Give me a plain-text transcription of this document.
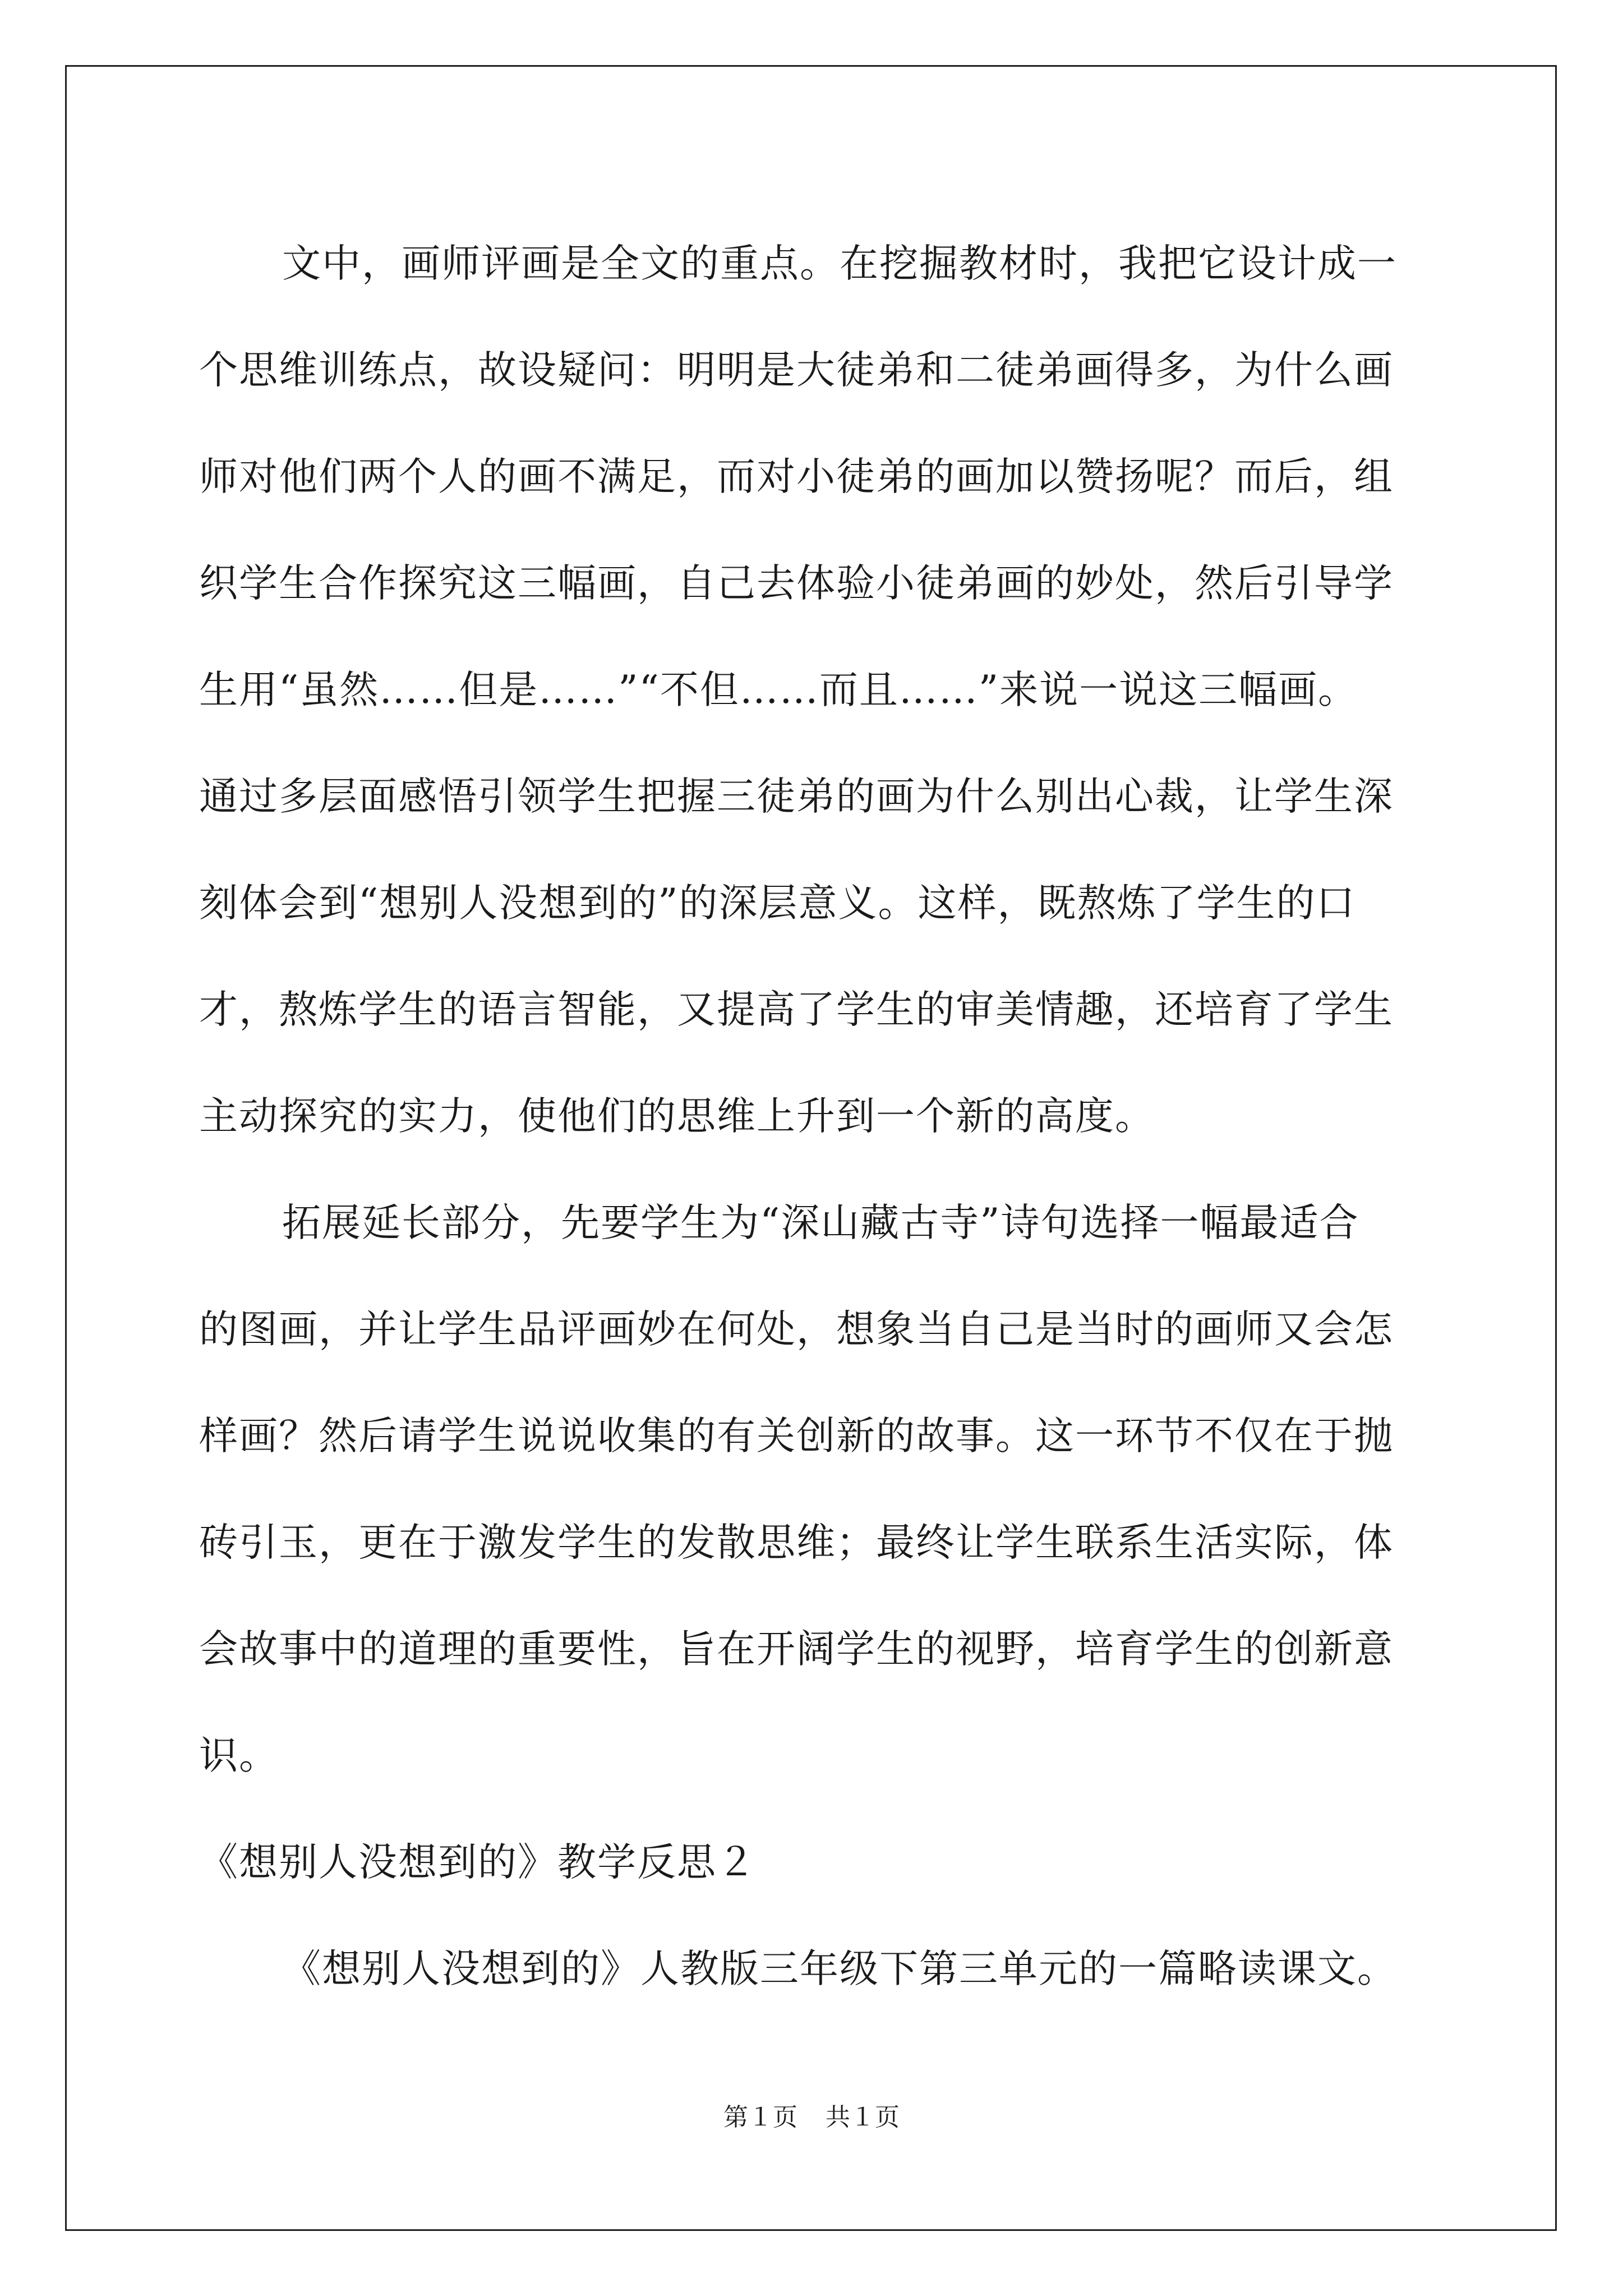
文中，画师评画是全文的重点。在挖掘教材时，我把它设计成一
个思维训练点，故设疑问：明明是大徒弟和二徒弟画得多，为什么画
师对他们两个人的画不满足，而对小徒弟的画加以赞扬呢？而后，组
织学生合作探究这三幅画，自己去体验小徒弟画的妙处，然后引导学
生用“虽然……但是……”“不但……而且……”来说一说这三幅画。
通过多层面感悟引领学生把握三徒弟的画为什么别出心裁，让学生深
刻体会到“想别人没想到的”的深层意义。这样，既熬炼了学生的口
才，熬炼学生的语言智能，又提高了学生的审美情趣，还培育了学生
主动探究的实力，使他们的思维上升到一个新的高度。
拓展延长部分，先要学生为“深山藏古寺”诗句选择一幅最适合
的图画，并让学生品评画妙在何处，想象当自己是当时的画师又会怎
样画？然后请学生说说收集的有关创新的故事。这一环节不仅在于抛
砖引玉，更在于激发学生的发散思维；最终让学生联系生活实际，体
会故事中的道理的重要性，旨在开阔学生的视野，培育学生的创新意
识。
《想别人没想到的》教学反思２
《想别人没想到的》人教版三年级下第三单元的一篇略读课文。
第１页 共１页
